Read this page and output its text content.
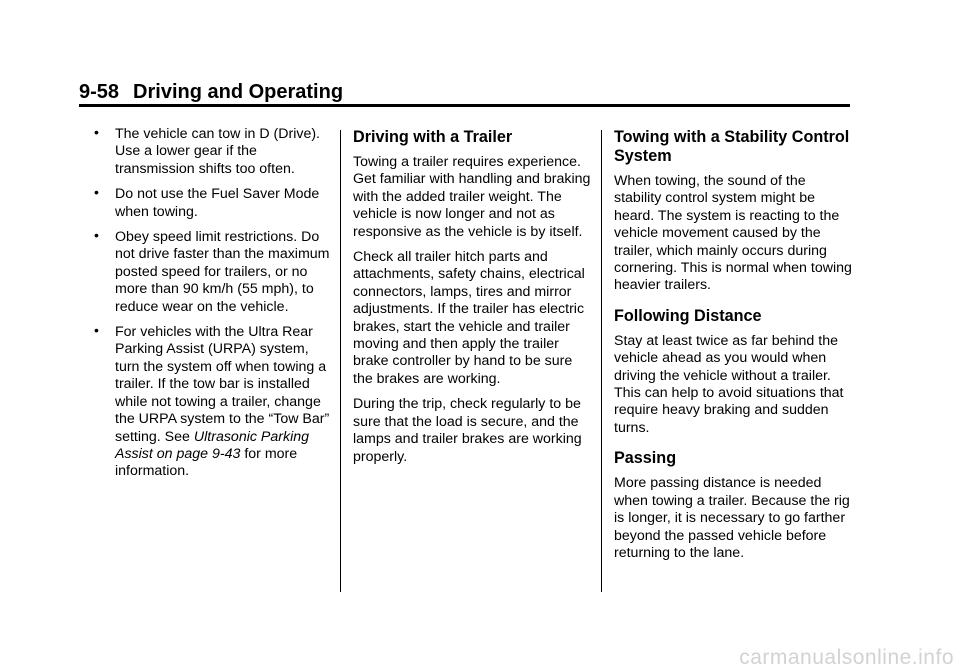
9-58 Driving and Operating
• The vehicle can tow in D (Drive). Use a lower gear if the transmission shifts too often.
• Do not use the Fuel Saver Mode when towing.
• Obey speed limit restrictions. Do not drive faster than the maximum posted speed for trailers, or no more than 90 km/h (55 mph), to reduce wear on the vehicle.
• For vehicles with the Ultra Rear Parking Assist (URPA) system, turn the system off when towing a trailer. If the tow bar is installed while not towing a trailer, change the URPA system to the “Tow Bar” setting. See Ultrasonic Parking Assist on page 9-43 for more information.
Driving with a Trailer

Towing a trailer requires experience. Get familiar with handling and braking with the added trailer weight. The vehicle is now longer and not as responsive as the vehicle is by itself.

Check all trailer hitch parts and attachments, safety chains, electrical connectors, lamps, tires and mirror adjustments. If the trailer has electric brakes, start the vehicle and trailer moving and then apply the trailer brake controller by hand to be sure the brakes are working.

During the trip, check regularly to be sure that the load is secure, and the lamps and trailer brakes are working properly.

Towing with a Stability Control System

When towing, the sound of the stability control system might be heard. The system is reacting to the vehicle movement caused by the trailer, which mainly occurs during cornering. This is normal when towing heavier trailers.

Following Distance

Stay at least twice as far behind the vehicle ahead as you would when driving the vehicle without a trailer. This can help to avoid situations that require heavy braking and sudden turns.

Passing

More passing distance is needed when towing a trailer. Because the rig is longer, it is necessary to go farther beyond the passed vehicle before returning to the lane.

carmanualsonline.info
